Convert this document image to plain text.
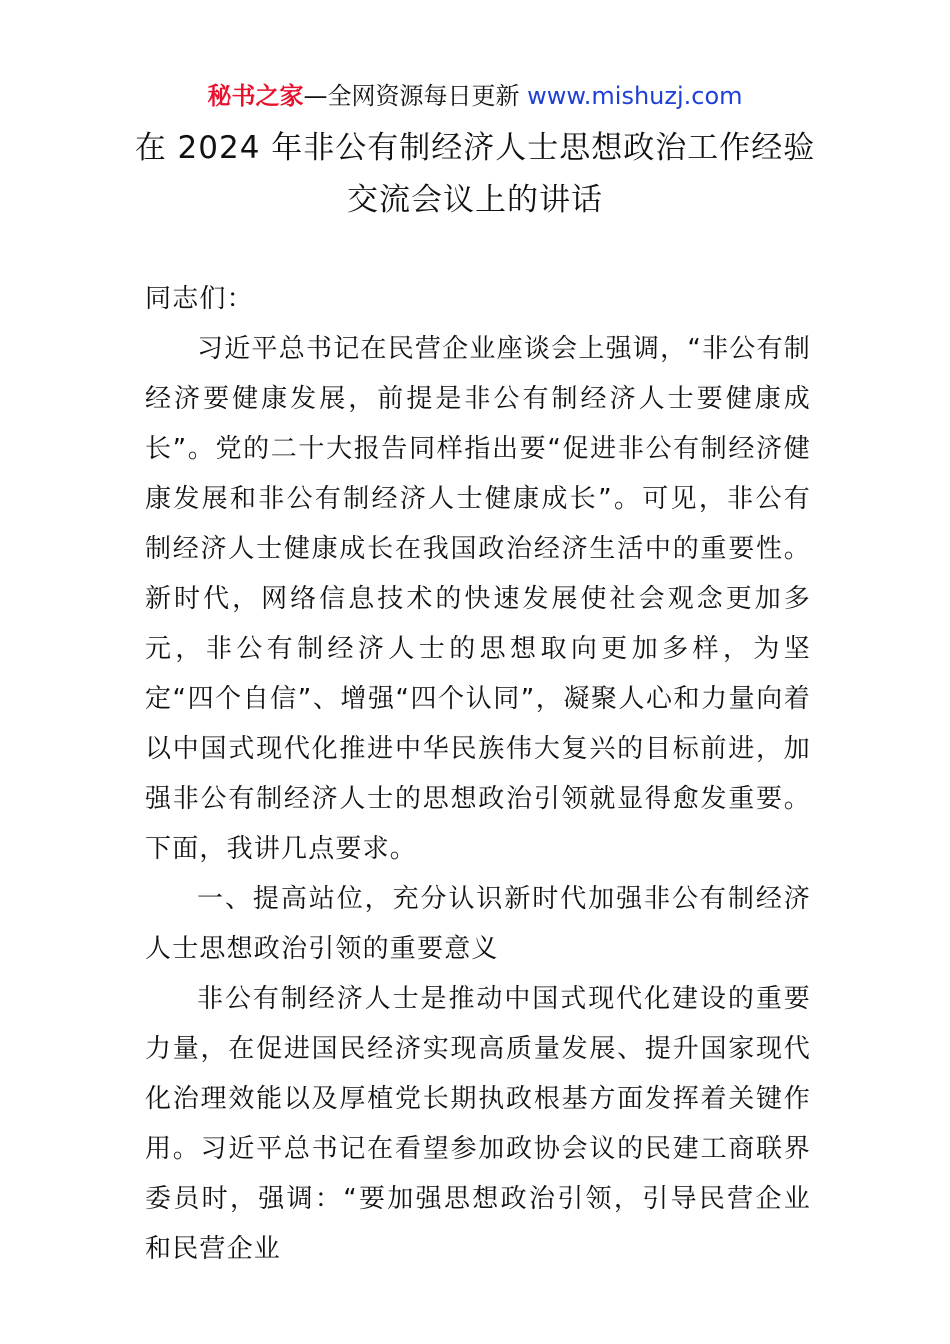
秘书之家—全网资源每日更新 www.mishuzj.com
在 2024 年非公有制经济人士思想政治工作经验交流会议上的讲话

同志们：

习近平总书记在民营企业座谈会上强调，“非公有制经济要健康发展，前提是非公有制经济人士要健康成长”。党的二十大报告同样指出要“促进非公有制经济健康发展和非公有制经济人士健康成长”。可见，非公有制经济人士健康成长在我国政治经济生活中的重要性。新时代，网络信息技术的快速发展使社会观念更加多元，非公有制经济人士的思想取向更加多样，为坚定“四个自信”、增强“四个认同”，凝聚人心和力量向着以中国式现代化推进中华民族伟大复兴的目标前进，加强非公有制经济人士的思想政治引领就显得愈发重要。下面，我讲几点要求。

一、提高站位，充分认识新时代加强非公有制经济人士思想政治引领的重要意义

非公有制经济人士是推动中国式现代化建设的重要力量，在促进国民经济实现高质量发展、提升国家现代化治理效能以及厚植党长期执政根基方面发挥着关键作用。习近平总书记在看望参加政协会议的民建工商联界委员时，强调：“要加强思想政治引领，引导民营企业和民营企业
